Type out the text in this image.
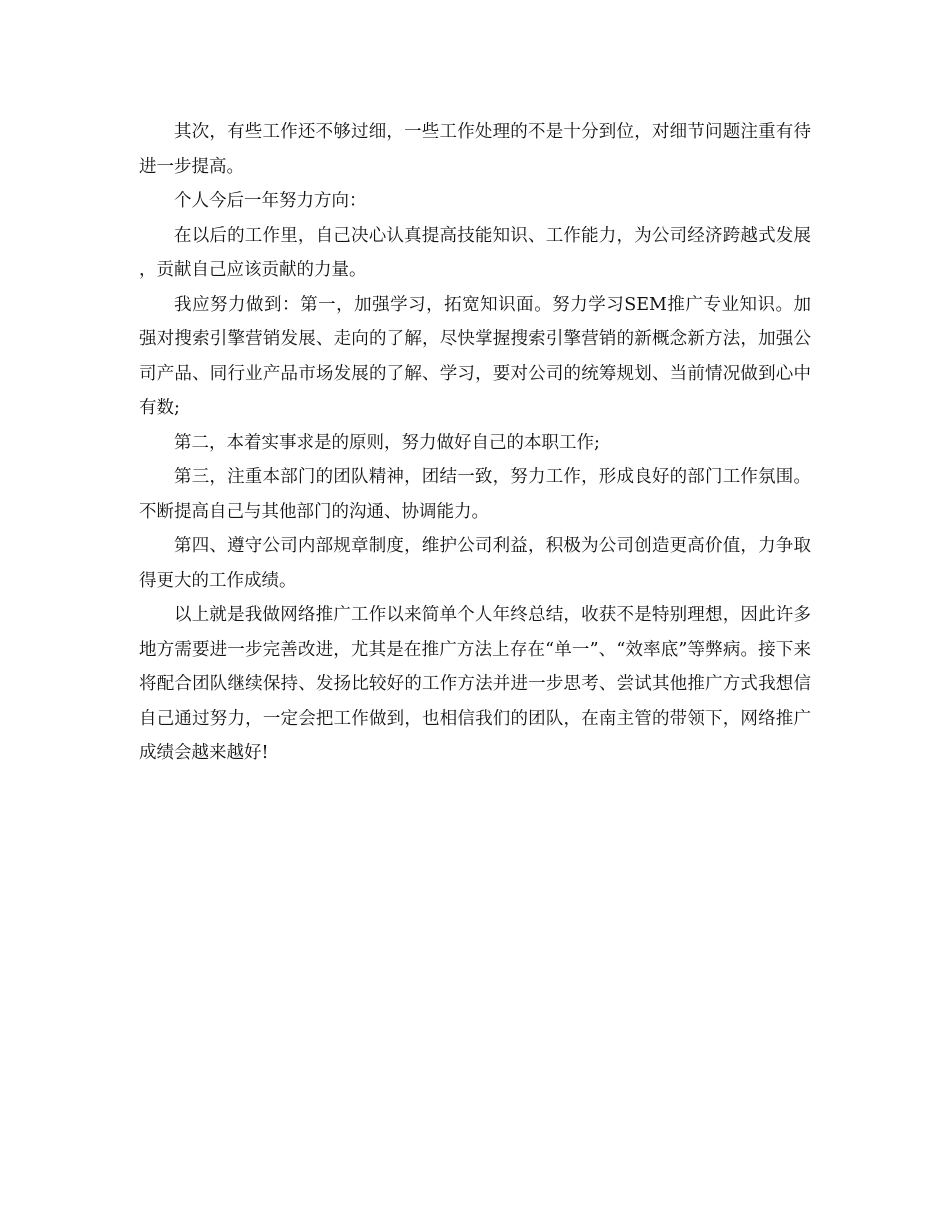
其次，有些工作还不够过细，一些工作处理的不是十分到位，对细节问题注重有待进一步提高。

个人今后一年努力方向：

在以后的工作里，自己决心认真提高技能知识、工作能力，为公司经济跨越式发展，贡献自己应该贡献的力量。

我应努力做到：第一，加强学习，拓宽知识面。努力学习SEM推广专业知识。加强对搜索引擎营销发展、走向的了解，尽快掌握搜索引擎营销的新概念新方法，加强公司产品、同行业产品市场发展的了解、学习，要对公司的统筹规划、当前情况做到心中有数;

第二，本着实事求是的原则，努力做好自己的本职工作;

第三，注重本部门的团队精神，团结一致，努力工作，形成良好的部门工作氛围。不断提高自己与其他部门的沟通、协调能力。

第四、遵守公司内部规章制度，维护公司利益，积极为公司创造更高价值，力争取得更大的工作成绩。

以上就是我做网络推广工作以来简单个人年终总结，收获不是特别理想，因此许多地方需要进一步完善改进，尤其是在推广方法上存在“单一”、“效率底”等弊病。接下来将配合团队继续保持、发扬比较好的工作方法并进一步思考、尝试其他推广方式我想信自己通过努力，一定会把工作做到，也相信我们的团队，在南主管的带领下，网络推广成绩会越来越好!
